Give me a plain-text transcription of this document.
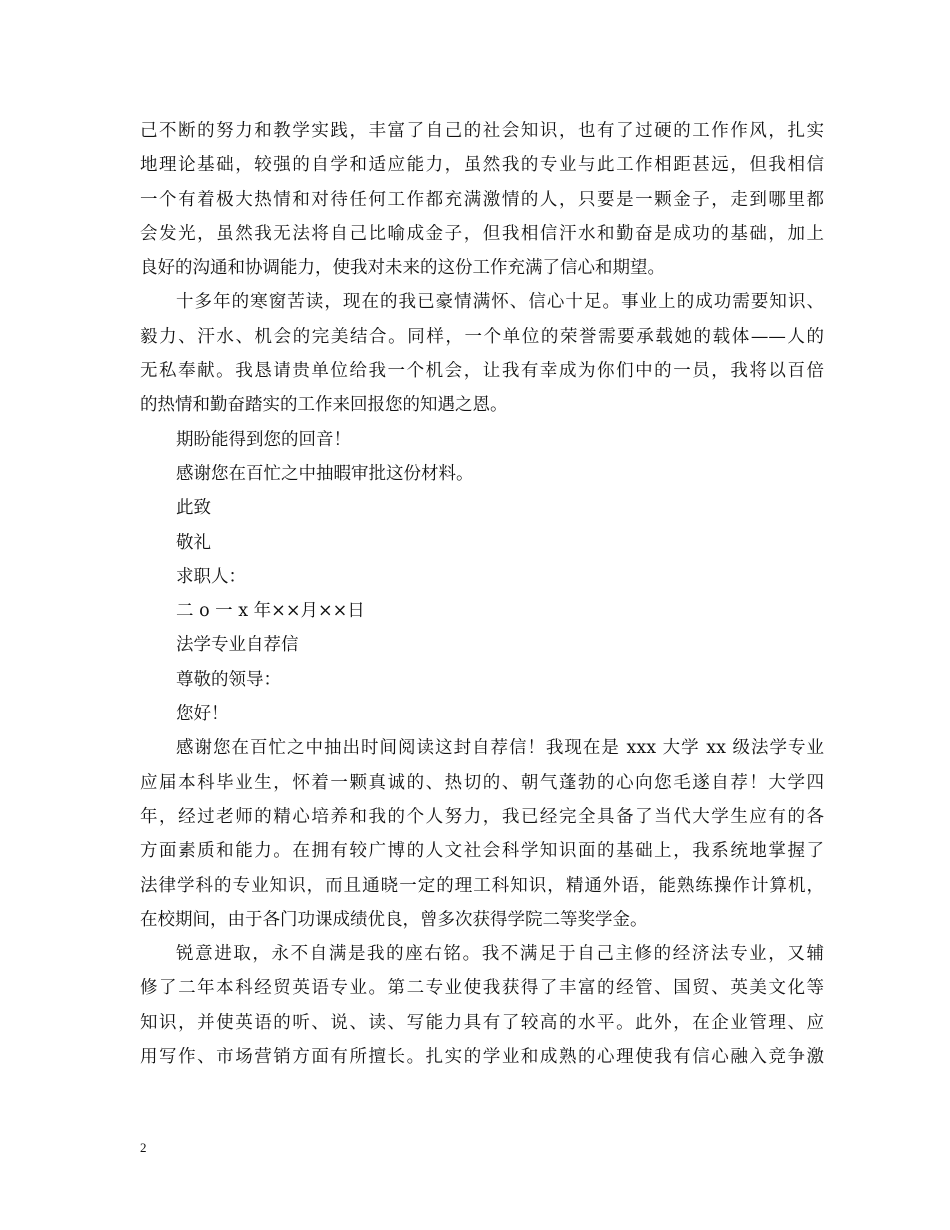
己不断的努力和教学实践，丰富了自己的社会知识，也有了过硬的工作作风，扎实
地理论基础，较强的自学和适应能力，虽然我的专业与此工作相距甚远，但我相信
一个有着极大热情和对待任何工作都充满激情的人，只要是一颗金子，走到哪里都
会发光，虽然我无法将自己比喻成金子，但我相信汗水和勤奋是成功的基础，加上
良好的沟通和协调能力，使我对未来的这份工作充满了信心和期望。
十多年的寒窗苦读，现在的我已豪情满怀、信心十足。事业上的成功需要知识、
毅力、汗水、机会的完美结合。同样，一个单位的荣誉需要承载她的载体——人的
无私奉献。我恳请贵单位给我一个机会，让我有幸成为你们中的一员，我将以百倍
的热情和勤奋踏实的工作来回报您的知遇之恩。
期盼能得到您的回音！
感谢您在百忙之中抽暇审批这份材料。
此致
敬礼
求职人：
二 o 一 x 年××月××日
法学专业自荐信
尊敬的领导：
您好！
感谢您在百忙之中抽出时间阅读这封自荐信！我现在是 xxx 大学 xx 级法学专业
应届本科毕业生，怀着一颗真诚的、热切的、朝气蓬勃的心向您毛遂自荐！大学四
年，经过老师的精心培养和我的个人努力，我已经完全具备了当代大学生应有的各
方面素质和能力。在拥有较广博的人文社会科学知识面的基础上，我系统地掌握了
法律学科的专业知识，而且通晓一定的理工科知识，精通外语，能熟练操作计算机，
在校期间，由于各门功课成绩优良，曾多次获得学院二等奖学金。
锐意进取，永不自满是我的座右铭。我不满足于自己主修的经济法专业，又辅
修了二年本科经贸英语专业。第二专业使我获得了丰富的经管、国贸、英美文化等
知识，并使英语的听、说、读、写能力具有了较高的水平。此外，在企业管理、应
用写作、市场营销方面有所擅长。扎实的学业和成熟的心理使我有信心融入竞争激
2
